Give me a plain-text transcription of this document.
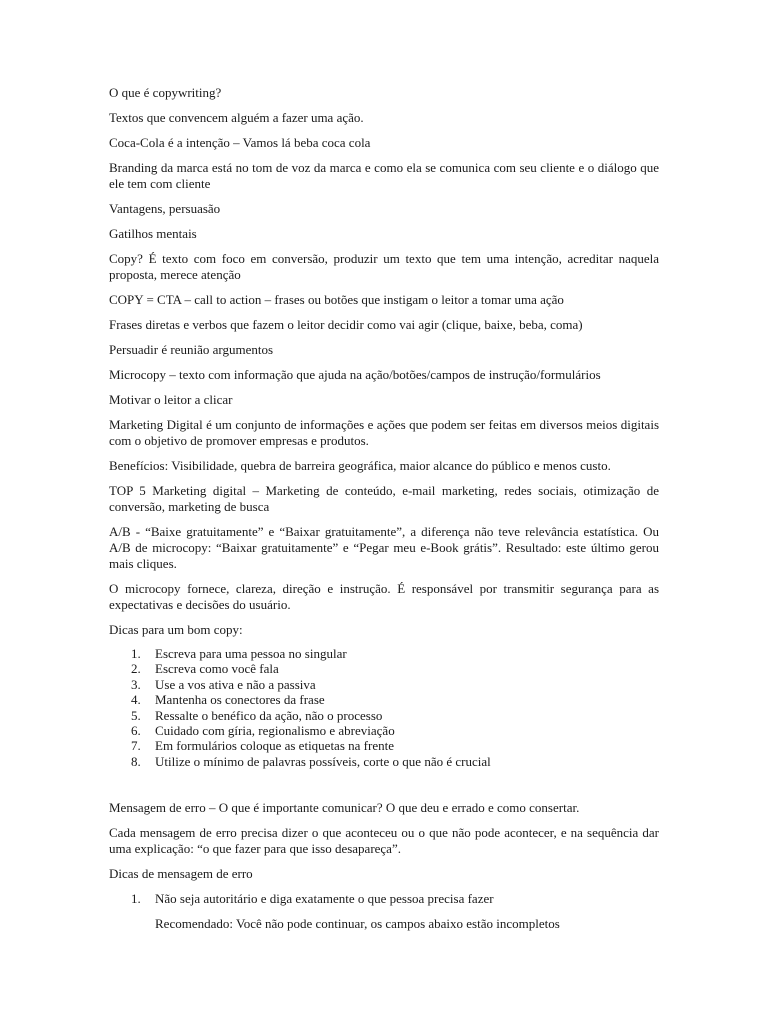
O que é copywriting?

Textos que convencem alguém a fazer uma ação.

Coca-Cola é a intenção – Vamos lá beba coca cola

Branding da marca está no tom de voz da marca e como ela se comunica com seu cliente e o diálogo que ele tem com cliente

Vantagens, persuasão

Gatilhos mentais

Copy? É texto com foco em conversão, produzir um texto que tem uma intenção, acreditar naquela proposta, merece atenção

COPY = CTA – call to action – frases ou botões que instigam o leitor a tomar uma ação

Frases diretas e verbos que fazem o leitor decidir como vai agir (clique, baixe, beba, coma)

Persuadir é reunião argumentos

Microcopy – texto com informação que ajuda na ação/botões/campos de instrução/formulários

Motivar o leitor a clicar

Marketing Digital é um conjunto de informações e ações que podem ser feitas em diversos meios digitais com o objetivo de promover empresas e produtos.

Benefícios: Visibilidade, quebra de barreira geográfica, maior alcance do público e menos custo.

TOP 5 Marketing digital – Marketing de conteúdo, e-mail marketing, redes sociais, otimização de conversão, marketing de busca

A/B - “Baixe gratuitamente” e “Baixar gratuitamente”, a diferença não teve relevância estatística. Ou A/B de microcopy: “Baixar gratuitamente” e “Pegar meu e-Book grátis”. Resultado: este último gerou mais cliques.

O microcopy fornece, clareza, direção e instrução. É responsável por transmitir segurança para as expectativas e decisões do usuário.

Dicas para um bom copy:

1. Escreva para uma pessoa no singular
2. Escreva como você fala
3. Use a vos ativa e não a passiva
4. Mantenha os conectores da frase
5. Ressalte o benéfico da ação, não o processo
6. Cuidado com gíria, regionalismo e abreviação
7. Em formulários coloque as etiquetas na frente
8. Utilize o mínimo de palavras possíveis, corte o que não é crucial

Mensagem de erro – O que é importante comunicar? O que deu e errado e como consertar.

Cada mensagem de erro precisa dizer o que aconteceu ou o que não pode acontecer, e na sequência dar uma explicação: “o que fazer para que isso desapareça”.

Dicas de mensagem de erro

1. Não seja autoritário e diga exatamente o que pessoa precisa fazer

Recomendado: Você não pode continuar, os campos abaixo estão incompletos
